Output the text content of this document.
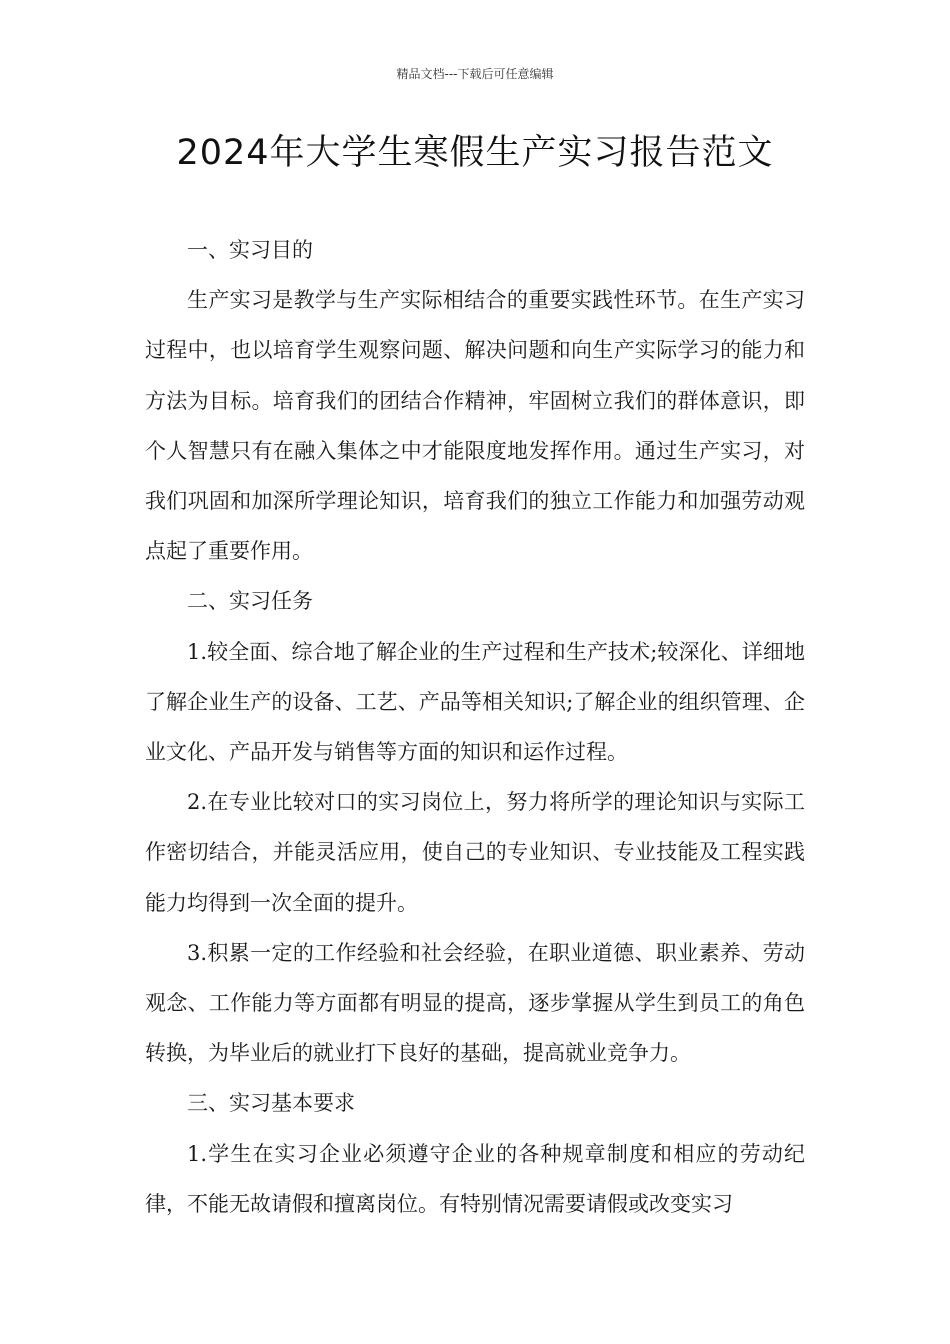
精品文档---下载后可任意编辑
2024年大学生寒假生产实习报告范文

一、实习目的

生产实习是教学与生产实际相结合的重要实践性环节。在生产实习过程中，也以培育学生观察问题、解决问题和向生产实际学习的能力和方法为目标。培育我们的团结合作精神，牢固树立我们的群体意识，即个人智慧只有在融入集体之中才能限度地发挥作用。通过生产实习，对我们巩固和加深所学理论知识，培育我们的独立工作能力和加强劳动观点起了重要作用。

二、实习任务

1.较全面、综合地了解企业的生产过程和生产技术;较深化、详细地了解企业生产的设备、工艺、产品等相关知识;了解企业的组织管理、企业文化、产品开发与销售等方面的知识和运作过程。

2.在专业比较对口的实习岗位上，努力将所学的理论知识与实际工作密切结合，并能灵活应用，使自己的专业知识、专业技能及工程实践能力均得到一次全面的提升。

3.积累一定的工作经验和社会经验，在职业道德、职业素养、劳动观念、工作能力等方面都有明显的提高，逐步掌握从学生到员工的角色转换，为毕业后的就业打下良好的基础，提高就业竞争力。

三、实习基本要求

1.学生在实习企业必须遵守企业的各种规章制度和相应的劳动纪律，不能无故请假和擅离岗位。有特别情况需要请假或改变实习
